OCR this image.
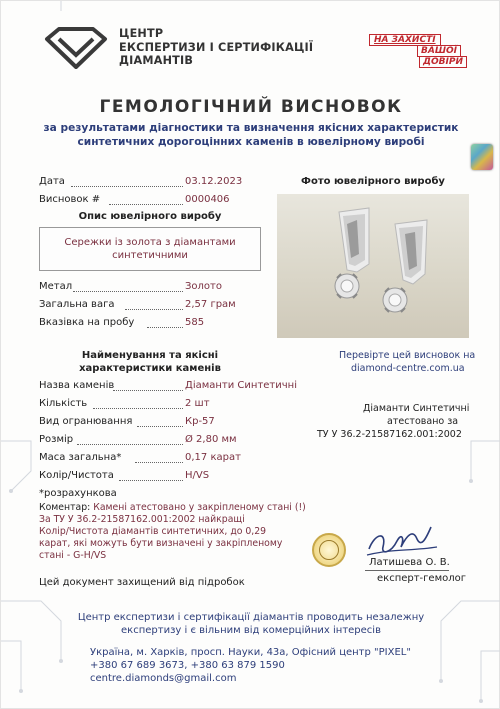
ЦЕНТР
ЕКСПЕРТИЗИ І СЕРТИФІКАЦІЇ
ДІАМАНТІВ
НА ЗАХИСТІ
ВАШОЇ
ДОВІРИ
ГЕМОЛОГІЧНИЙ ВИСНОВОК
за результатами діагностики та визначення якісних характеристик
синтетичних дорогоцінних каменів в ювелірному виробі
Дата	03.12.2023
Висновок #	0000406
Опис ювелірного виробу
Сережки із золота з діамантами
синтетичними
Фото ювелірного виробу
Метал	Золото
Загальна вага	2,57 грам
Вказівка на пробу	585
Перевірте цей висновок на
diamond-centre.com.ua
Найменування та якісні
характеристики каменів
Назва каменів	Діаманти Синтетичні
Кількість	2 шт
Вид огранювання	Кр-57
Розмір	Ø 2,80 мм
Маса загальна*	0,17 карат
Колір/Чистота	H/VS
*розрахункова
Діаманти Синтетичні
атестовано за
ТУ У 36.2-21587162.001:2002
Коментар: Камені атестовано у закріпленому стані (!)
За ТУ У 36.2-21587162.001:2002 найкращі
Колір/Чистота діамантів синтетичних, до 0,29
карат, які можуть бути визначені у закріпленому
стані - G-H/VS
Цей документ захищений від підробок
Латишева О. В.
експерт-гемолог
Центр експертизи і сертифікації діамантів проводить незалежну
експертизу і є вільним від комерційних інтересів
Україна, м. Харків, просп. Науки, 43а, Офісний центр "PIXEL"
+380 67 689 3673, +380 63 879 1590
centre.diamonds@gmail.com
